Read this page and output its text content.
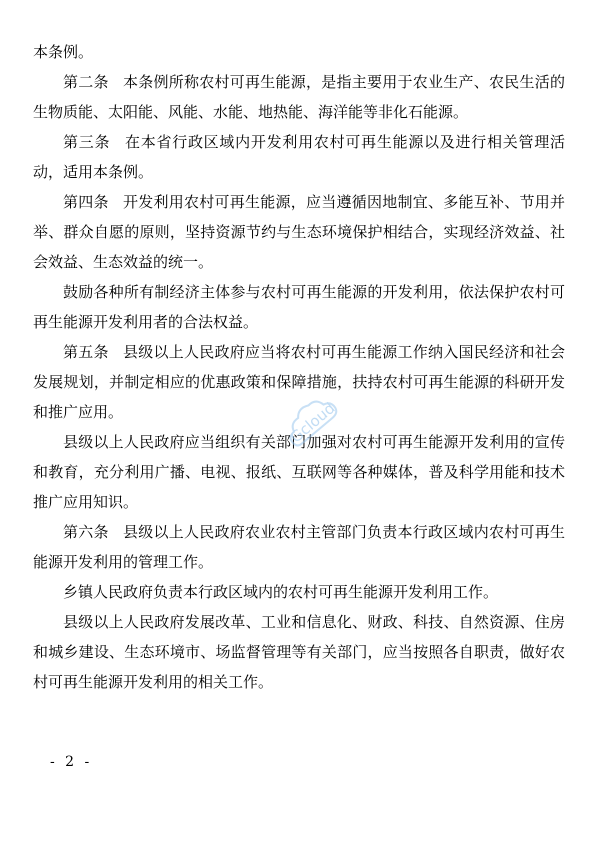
本条例。

第二条 本条例所称农村可再生能源，是指主要用于农业生产、农民生活的生物质能、太阳能、风能、水能、地热能、海洋能等非化石能源。

第三条 在本省行政区域内开发利用农村可再生能源以及进行相关管理活动，适用本条例。

第四条 开发利用农村可再生能源，应当遵循因地制宜、多能互补、节用并举、群众自愿的原则，坚持资源节约与生态环境保护相结合，实现经济效益、社会效益、生态效益的统一。

鼓励各种所有制经济主体参与农村可再生能源的开发利用，依法保护农村可再生能源开发利用者的合法权益。

第五条 县级以上人民政府应当将农村可再生能源工作纳入国民经济和社会发展规划，并制定相应的优惠政策和保障措施，扶持农村可再生能源的科研开发和推广应用。

县级以上人民政府应当组织有关部门加强对农村可再生能源开发利用的宣传和教育，充分利用广播、电视、报纸、互联网等各种媒体，普及科学用能和技术推广应用知识。

第六条 县级以上人民政府农业农村主管部门负责本行政区域内农村可再生能源开发利用的管理工作。

乡镇人民政府负责本行政区域内的农村可再生能源开发利用工作。

县级以上人民政府发展改革、工业和信息化、财政、科技、自然资源、住房和城乡建设、生态环境市、场监督管理等有关部门，应当按照各自职责，做好农村可再生能源开发利用的相关工作。

Gcloud
- 2 -
